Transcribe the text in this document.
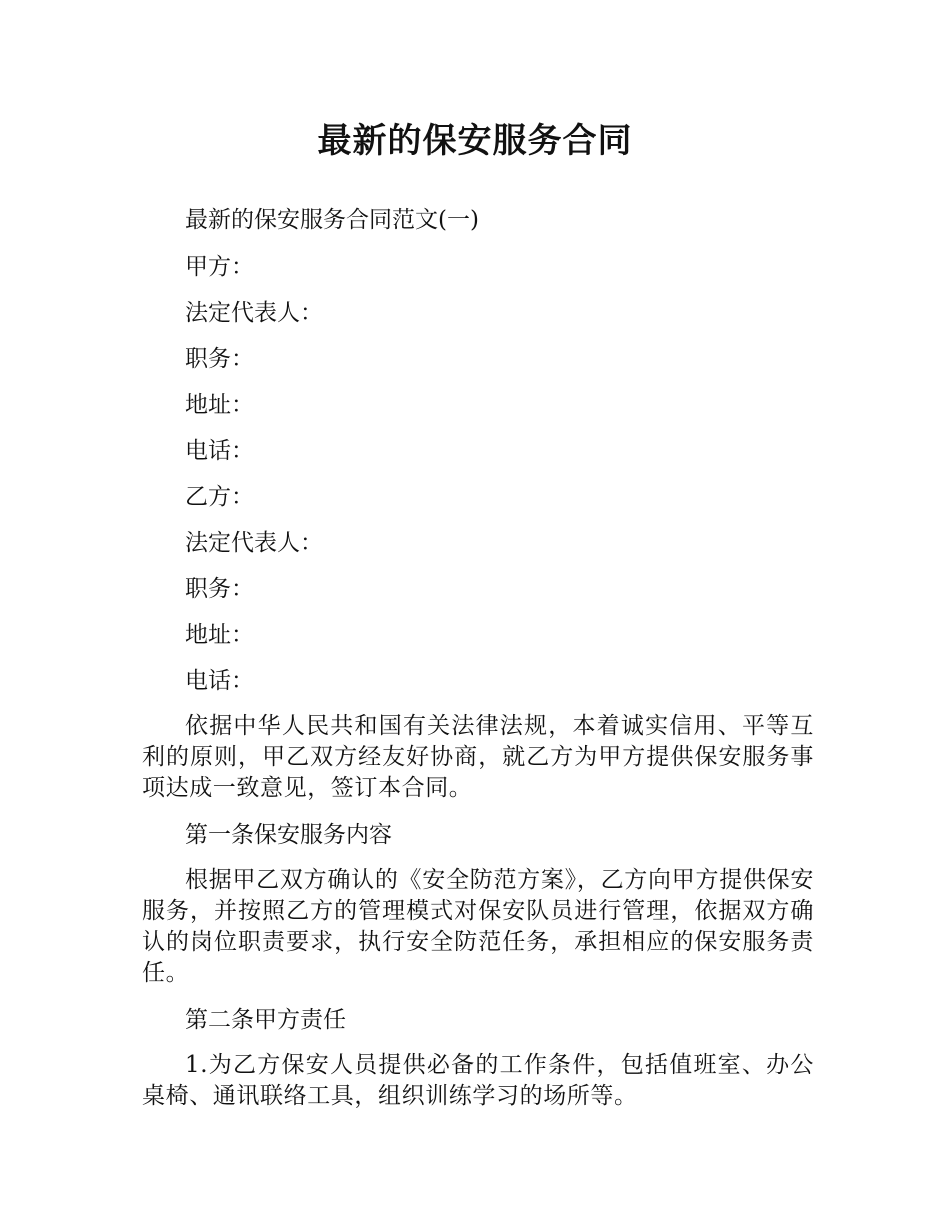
最新的保安服务合同

最新的保安服务合同范文(一)

甲方：

法定代表人：

职务：

地址：

电话：

乙方：

法定代表人：

职务：

地址：

电话：

依据中华人民共和国有关法律法规，本着诚实信用、平等互利的原则，甲乙双方经友好协商，就乙方为甲方提供保安服务事项达成一致意见，签订本合同。

第一条保安服务内容

根据甲乙双方确认的《安全防范方案》，乙方向甲方提供保安服务，并按照乙方的管理模式对保安队员进行管理，依据双方确认的岗位职责要求，执行安全防范任务，承担相应的保安服务责任。

第二条甲方责任

1.为乙方保安人员提供必备的工作条件，包括值班室、办公桌椅、通讯联络工具，组织训练学习的场所等。
